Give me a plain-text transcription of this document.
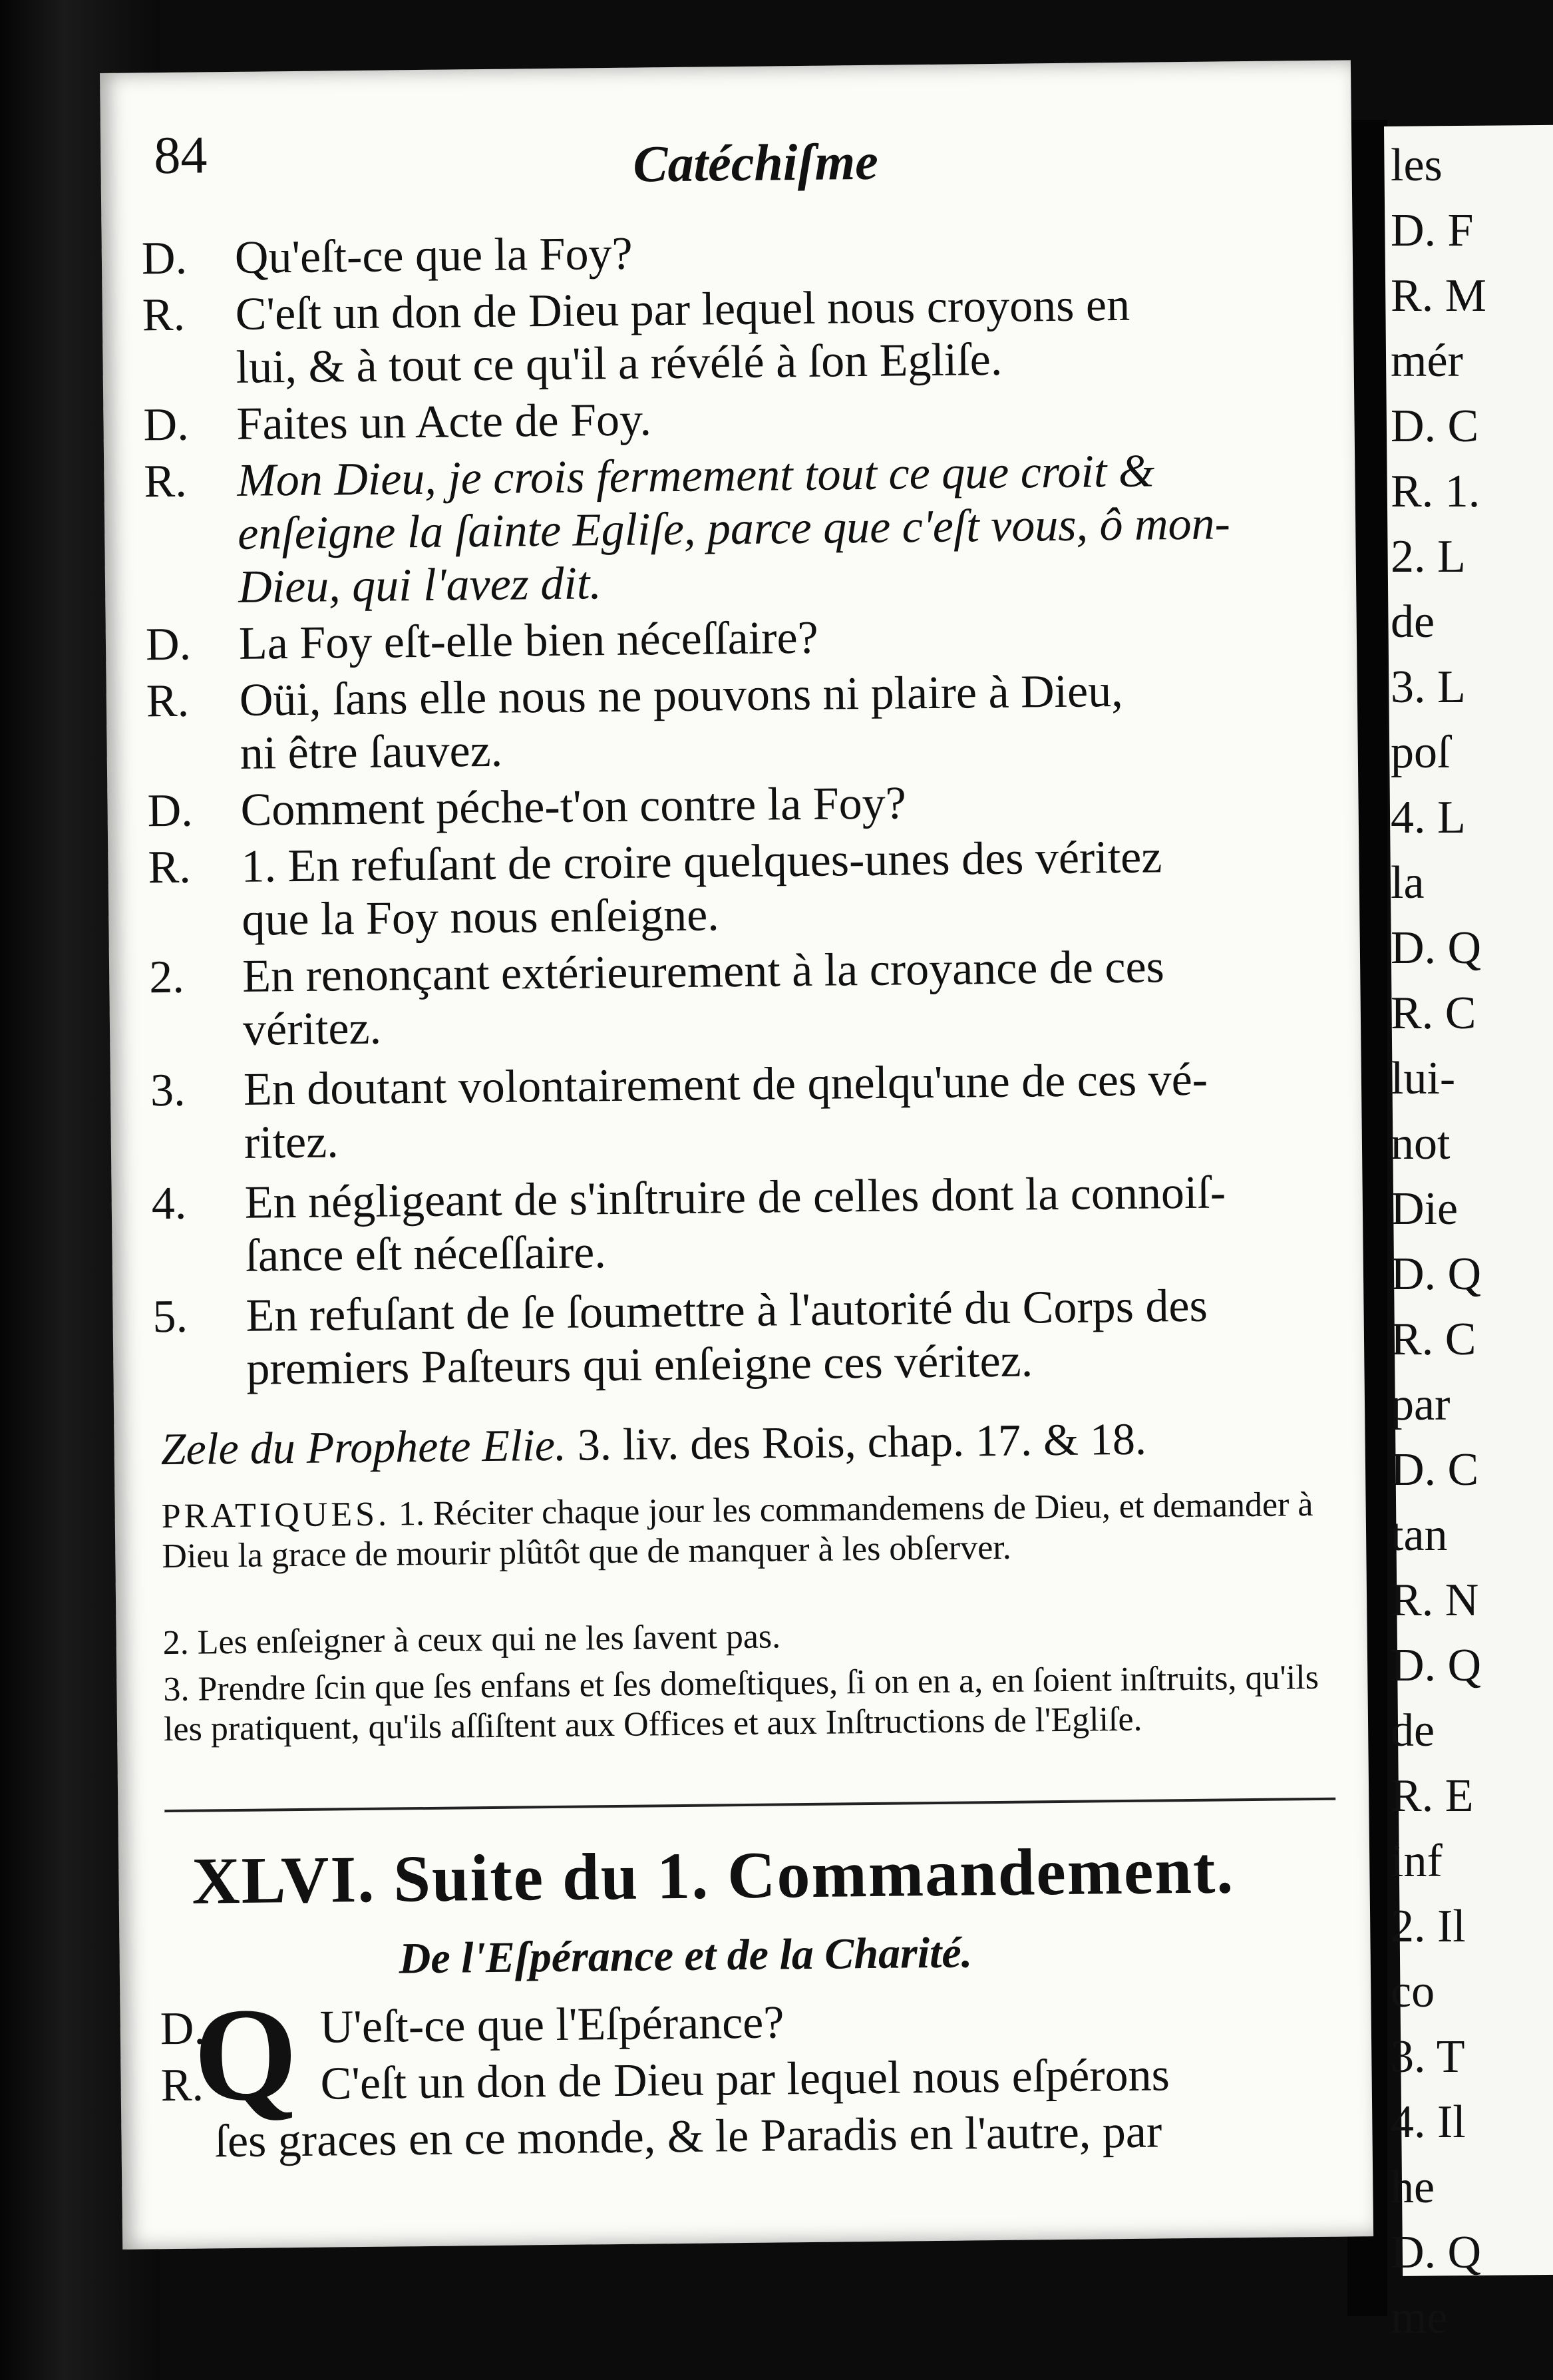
les
D. F
R. M
mér
D. C
R. 1.
2. L
de
3. L
poſ
4. L
la
D. Q
R. C
lui-
not
Die
D. Q
R. C
par
D. C
tan
R. N
D. Q
de
R. E
inf
2. Il
co
3. T
4. Il
he
D. Q
me
84	Catéchiſme
D.	Qu'eſt-ce que la Foy?
R.	C'eſt un don de Dieu par lequel nous croyons en
lui, & à tout ce qu'il a révélé à ſon Egliſe.
D.	Faites un Acte de Foy.
R.	Mon Dieu, je crois fermement tout ce que croit &
enſeigne la ſainte Egliſe, parce que c'eſt vous, ô mon-
Dieu, qui l'avez dit.
D.	La Foy eſt-elle bien néceſſaire?
R.	Oüi, ſans elle nous ne pouvons ni plaire à Dieu,
ni être ſauvez.
D.	Comment péche-t'on contre la Foy?
R.	1. En refuſant de croire quelques-unes des véritez
que la Foy nous enſeigne.
2.	En renonçant extérieurement à la croyance de ces
véritez.
3.	En doutant volontairement de qnelqu'une de ces vé-
ritez.
4.	En négligeant de s'inſtruire de celles dont la connoiſ-
ſance eſt néceſſaire.
5.	En refuſant de ſe ſoumettre à l'autorité du Corps des
premiers Paſteurs qui enſeigne ces véritez.
Zele du Prophete Elie. 3. liv. des Rois, chap. 17. & 18.
PRATIQUES. 1. Réciter chaque jour les commandemens de Dieu, et demander à Dieu la grace de mourir plûtôt que de manquer à les obſerver.
2. Les enſeigner à ceux qui ne les ſavent pas.
3. Prendre ſcin que ſes enfans et ſes domeſtiques, ſi on en a, en ſoient inſtruits, qu'ils les pratiquent, qu'ils aſſiſtent aux Offices et aux Inſtructions de l'Egliſe.
XLVI. Suite du 1. Commandement.
De l'Eſpérance et de la Charité.
Q
D.	U'eſt-ce que l'Eſpérance?
R.	C'eſt un don de Dieu par lequel nous eſpérons
ſes graces en ce monde, & le Paradis en l'autre, par
